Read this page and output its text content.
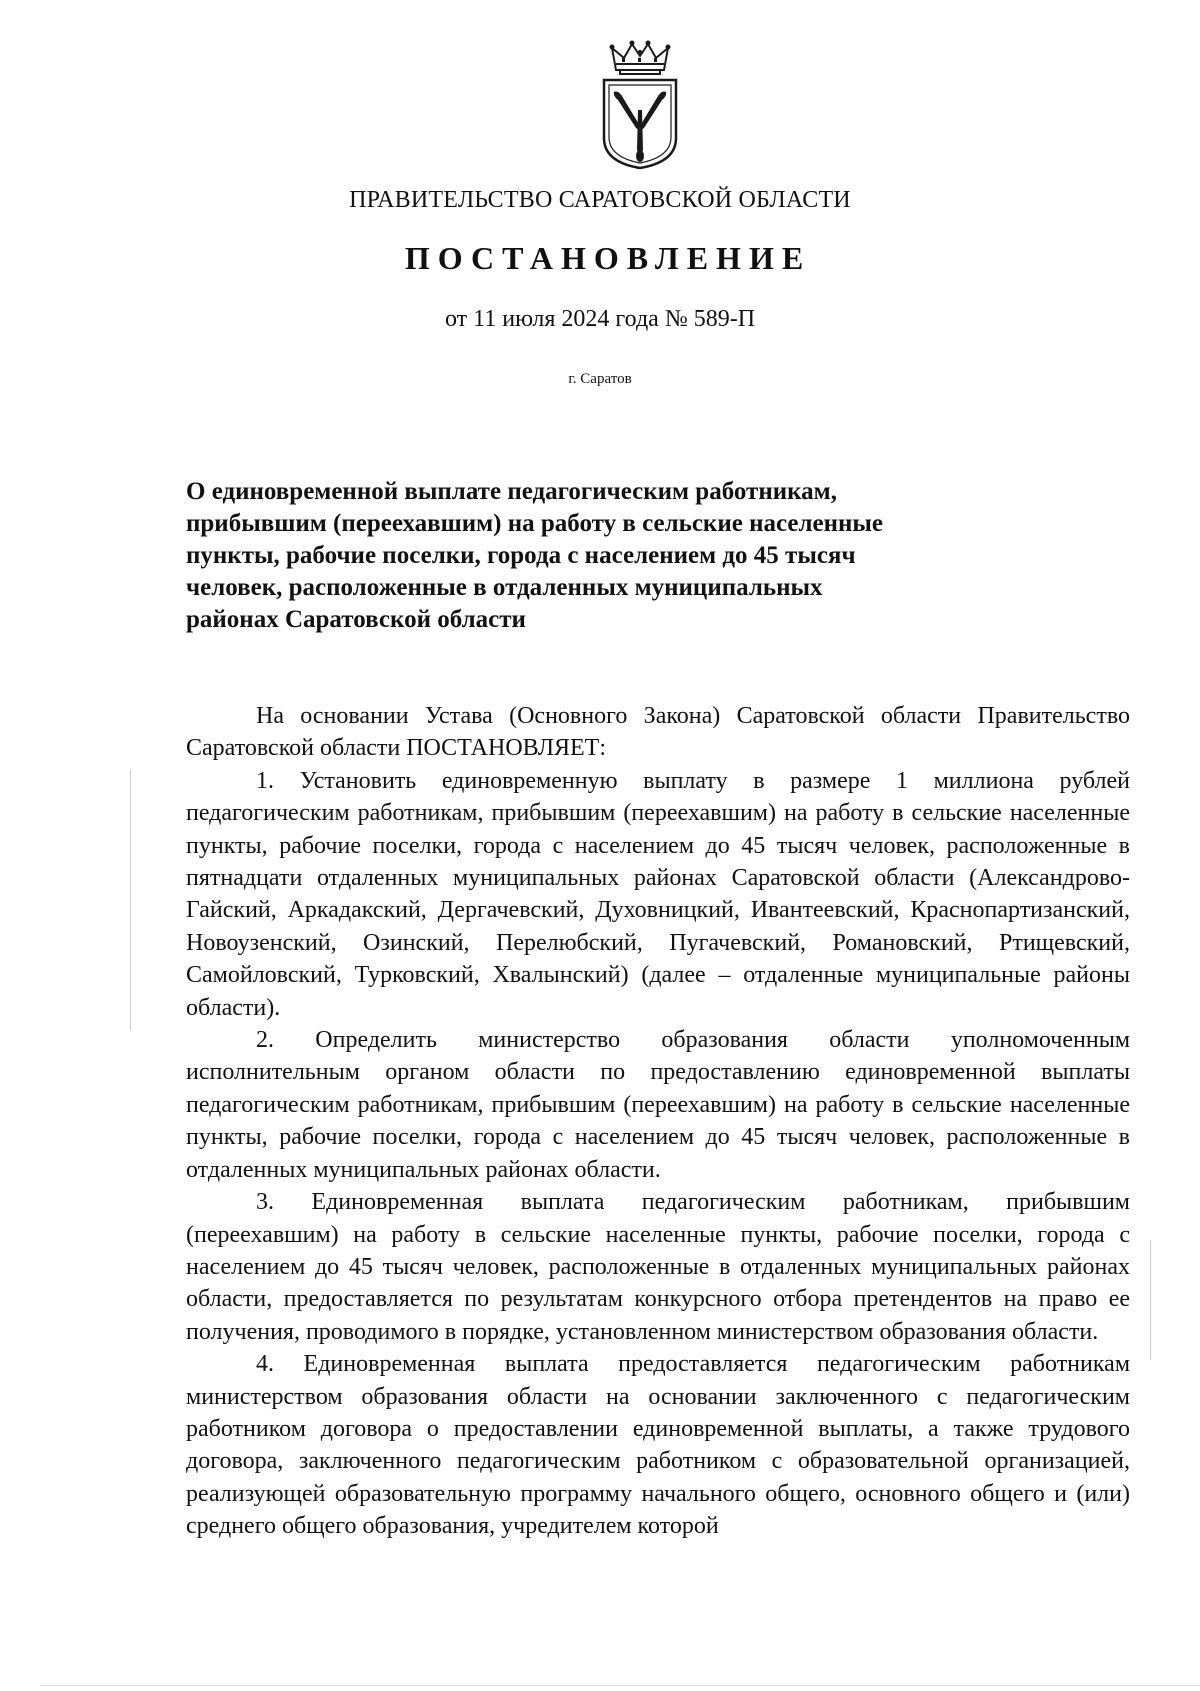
ПРАВИТЕЛЬСТВО САРАТОВСКОЙ ОБЛАСТИ
ПОСТАНОВЛЕНИЕ
от 11 июля 2024 года № 589-П
г. Саратов
О единовременной выплате педагогическим работникам,
прибывшим (переехавшим) на работу в сельские населенные
пункты, рабочие поселки, города с населением до 45 тысяч
человек, расположенные в отдаленных муниципальных
районах Саратовской области

На основании Устава (Основного Закона) Саратовской области Правительство Саратовской области ПОСТАНОВЛЯЕТ:

1. Установить единовременную выплату в размере 1 миллиона рублей педагогическим работникам, прибывшим (переехавшим) на работу в сельские населенные пункты, рабочие поселки, города с населением до 45 тысяч человек, расположенные в пятнадцати отдаленных муниципальных районах Саратовской области (Александрово-Гайский, Аркадакский, Дергачевский, Духовницкий, Ивантеевский, Краснопартизанский, Новоузенский, Озинский, Перелюбский, Пугачевский, Романовский, Ртищевский, Самойловский, Турковский, Хвалынский) (далее – отдаленные муниципальные районы области).

2. Определить министерство образования области уполномоченным исполнительным органом области по предоставлению единовременной выплаты педагогическим работникам, прибывшим (переехавшим) на работу в сельские населенные пункты, рабочие поселки, города с населением до 45 тысяч человек, расположенные в отдаленных муниципальных районах области.

3. Единовременная выплата педагогическим работникам, прибывшим (переехавшим) на работу в сельские населенные пункты, рабочие поселки, города с населением до 45 тысяч человек, расположенные в отдаленных муниципальных районах области, предоставляется по результатам конкурсного отбора претендентов на право ее получения, проводимого в порядке, установленном министерством образования области.

4. Единовременная выплата предоставляется педагогическим работникам министерством образования области на основании заключенного с педагогическим работником договора о предоставлении единовременной выплаты, а также трудового договора, заключенного педагогическим работником с образовательной организацией, реализующей образовательную программу начального общего, основного общего и (или) среднего общего образования, учредителем которой
